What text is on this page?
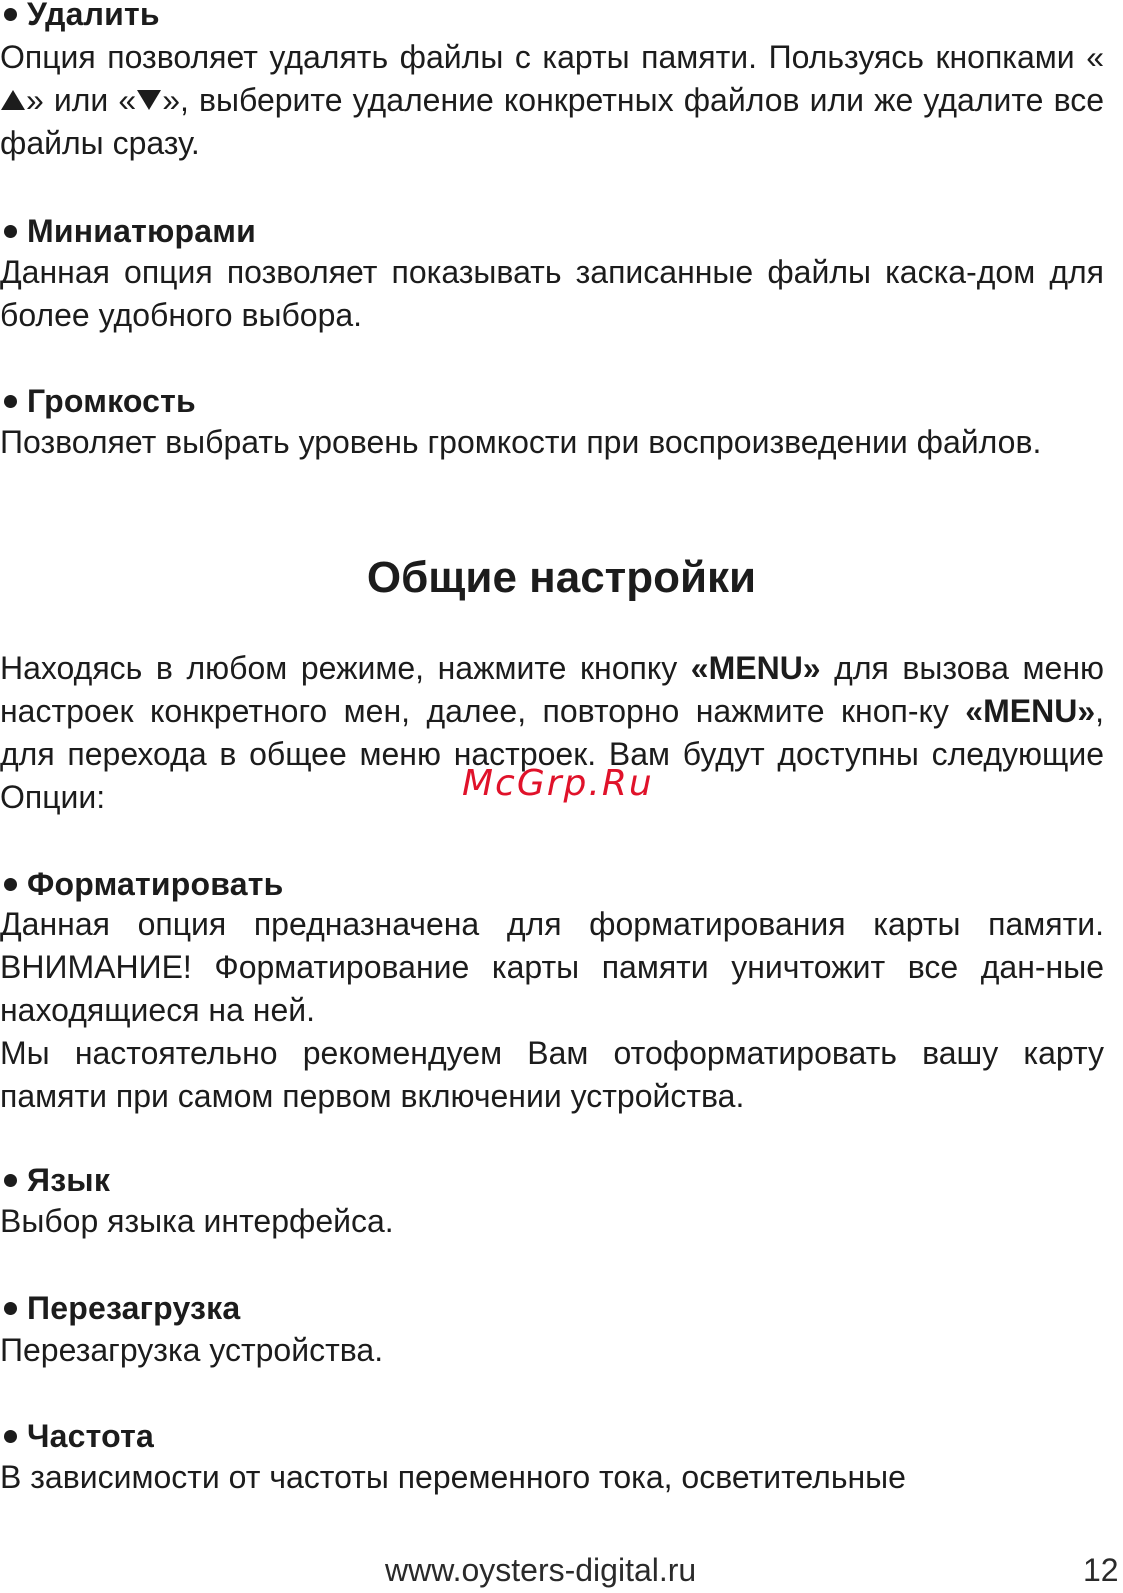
Удалить
Опция позволяет удалять файлы с карты памяти. Пользуясь кнопками «» или « », выберите удаление конкретных файлов или же удалите все файлы сразу.
Миниатюрами
Данная опция позволяет показывать записанные файлы каска-дом для более удобного выбора.
Громкость
Позволяет выбрать уровень громкости при воспроизведении файлов.
Общие настройки
Находясь в любом режиме, нажмите кнопку «MENU» для вызова меню настроек конкретного мен, далее, повторно нажмите кноп-ку «MENU», для перехода в общее меню настроек. Вам будут доступны следующие Опции:	McGrp.Ru
Форматировать
Данная опция предназначена для форматирования карты памяти. ВНИМАНИЕ! Форматирование карты памяти уничтожит все дан-ные находящиеся на ней.
Мы настоятельно рекомендуем Вам отоформатировать вашу карту памяти при самом первом включении устройства.
Язык
Выбор языка интерфейса.
Перезагрузка
Перезагрузка устройства.
Частота
В зависимости от частоты переменного тока, осветительные
www.oysters-digital.ru	12
